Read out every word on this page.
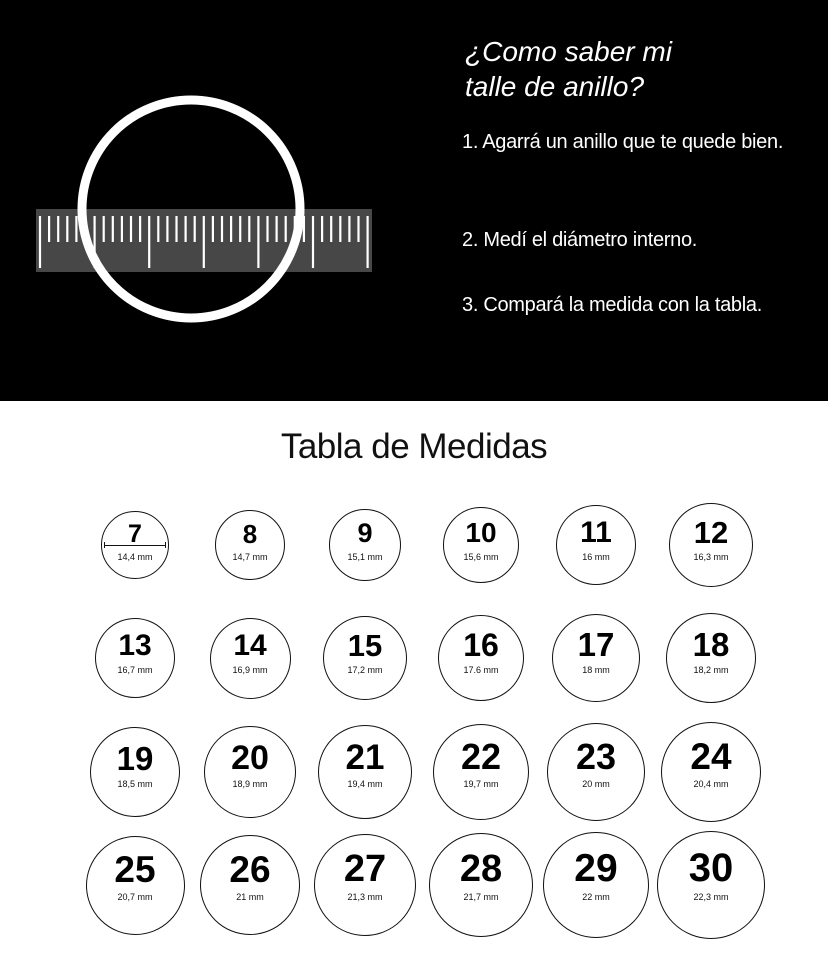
¿Como saber mi
talle de anillo?

1. Agarrá un anillo que te quede bien.

2. Medí el diámetro interno.

3. Compará la medida con la tabla.

Tabla de Medidas
7
14,4 mm
8
14,7 mm
9
15,1 mm
10
15,6 mm
11
16 mm
12
16,3 mm
13
16,7 mm
14
16,9 mm
15
17,2 mm
16
17.6 mm
17
18 mm
18
18,2 mm
19
18,5 mm
20
18,9 mm
21
19,4 mm
22
19,7 mm
23
20 mm
24
20,4 mm
25
20,7 mm
26
21 mm
27
21,3 mm
28
21,7 mm
29
22 mm
30
22,3 mm
